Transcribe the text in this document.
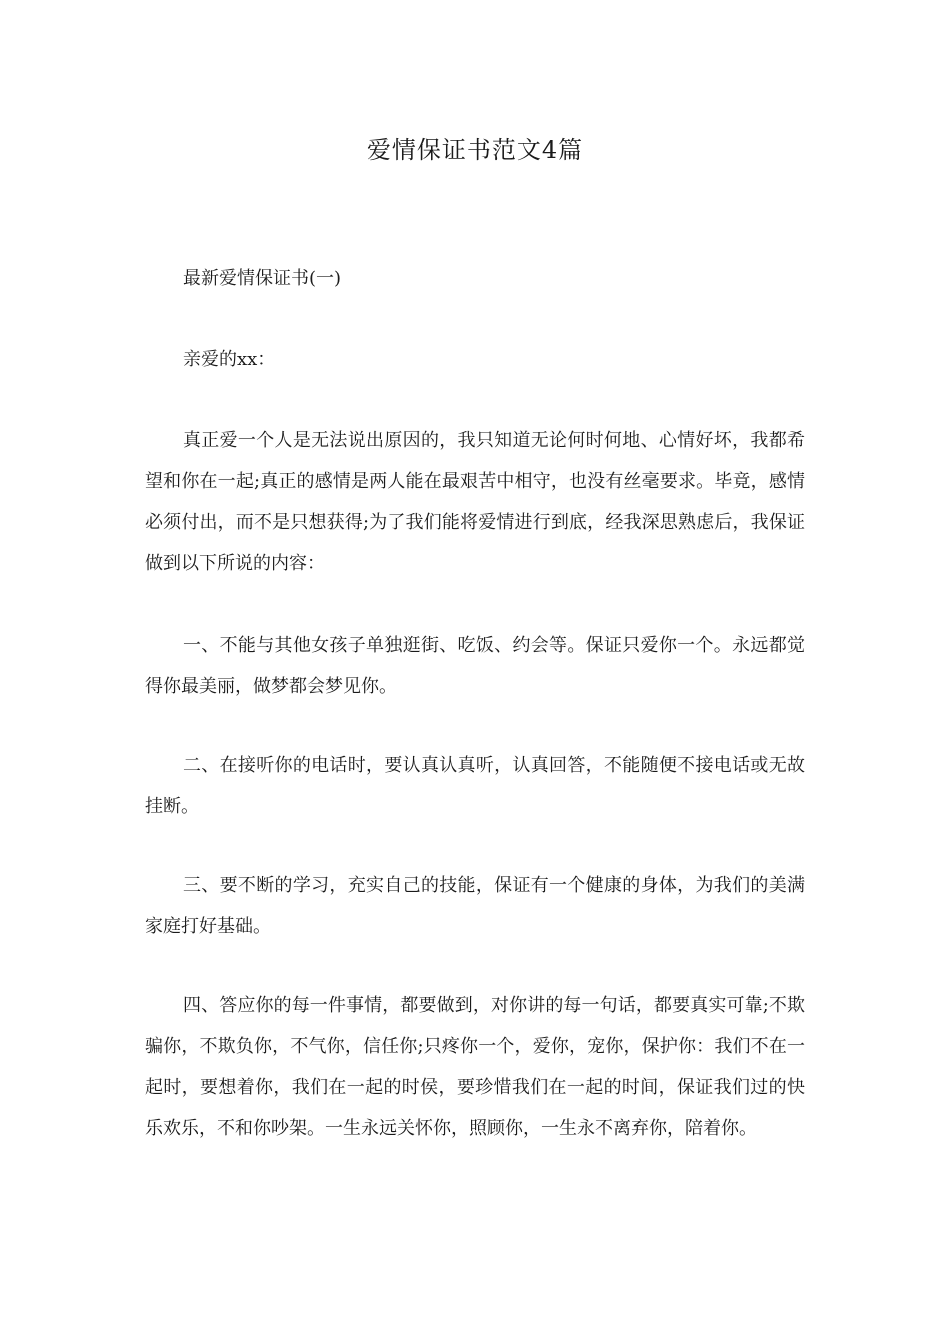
爱情保证书范文4篇

最新爱情保证书(一)

亲爱的xx：

真正爱一个人是无法说出原因的，我只知道无论何时何地、心情好坏，我都希望和你在一起;真正的感情是两人能在最艰苦中相守，也没有丝毫要求。毕竟，感情必须付出，而不是只想获得;为了我们能将爱情进行到底，经我深思熟虑后，我保证做到以下所说的内容：

一、不能与其他女孩子单独逛街、吃饭、约会等。保证只爱你一个。永远都觉得你最美丽，做梦都会梦见你。

二、在接听你的电话时，要认真认真听，认真回答，不能随便不接电话或无故挂断。

三、要不断的学习，充实自己的技能，保证有一个健康的身体，为我们的美满家庭打好基础。

四、答应你的每一件事情，都要做到，对你讲的每一句话，都要真实可靠;不欺骗你，不欺负你，不气你，信任你;只疼你一个，爱你，宠你，保护你：我们不在一起时，要想着你，我们在一起的时侯，要珍惜我们在一起的时间，保证我们过的快乐欢乐，不和你吵架。一生永远关怀你，照顾你，一生永不离弃你，陪着你。
